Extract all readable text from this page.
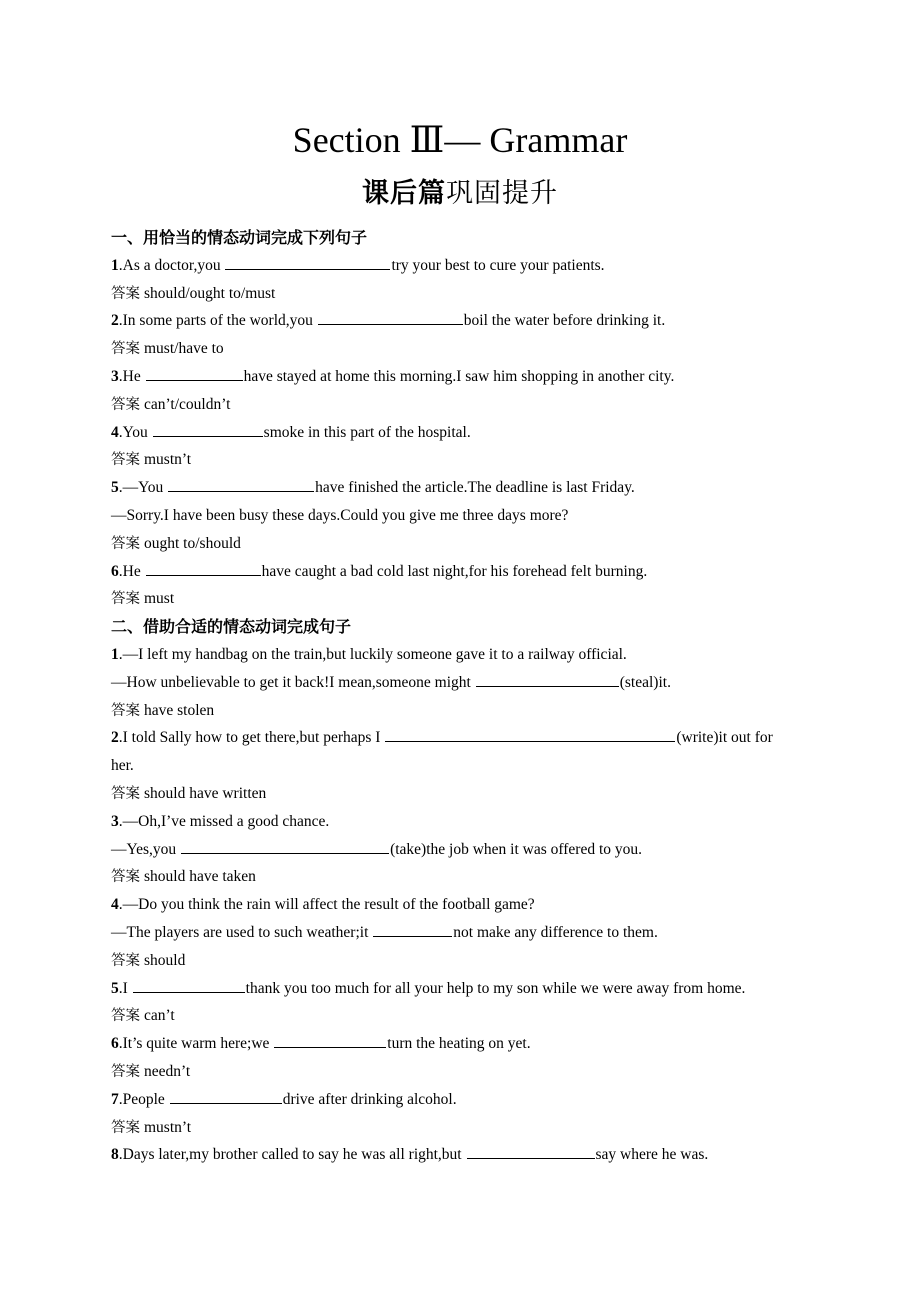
Section Ⅲ— Grammar
课后篇巩固提升
一、用恰当的情态动词完成下列句子
1.As a doctor,you	try your best to cure your patients.
答案 should/ought to/must
2.In some parts of the world,you	boil the water before drinking it.
答案 must/have to
3.He	have stayed at home this morning.I saw him shopping in another city.
答案 can’t/couldn’t
4.You	smoke in this part of the hospital.
答案 mustn’t
5.—You	have finished the article.The deadline is last Friday.
—Sorry.I have been busy these days.Could you give me three days more?
答案 ought to/should
6.He	have caught a bad cold last night,for his forehead felt burning.
答案 must
二、借助合适的情态动词完成句子
1.—I left my handbag on the train,but luckily someone gave it to a railway official.
—How unbelievable to get it back!I mean,someone might	(steal)it.
答案 have stolen
2.I told Sally how to get there,but perhaps I	(write)it out for
her.
答案 should have written
3.—Oh,I’ve missed a good chance.
—Yes,you	(take)the job when it was offered to you.
答案 should have taken
4.—Do you think the rain will affect the result of the football game?
—The players are used to such weather;it	not make any difference to them.
答案 should
5.I	thank you too much for all your help to my son while we were away from home.
答案 can’t
6.It’s quite warm here;we	turn the heating on yet.
答案 needn’t
7.People	drive after drinking alcohol.
答案 mustn’t
8.Days later,my brother called to say he was all right,but	say where he was.
